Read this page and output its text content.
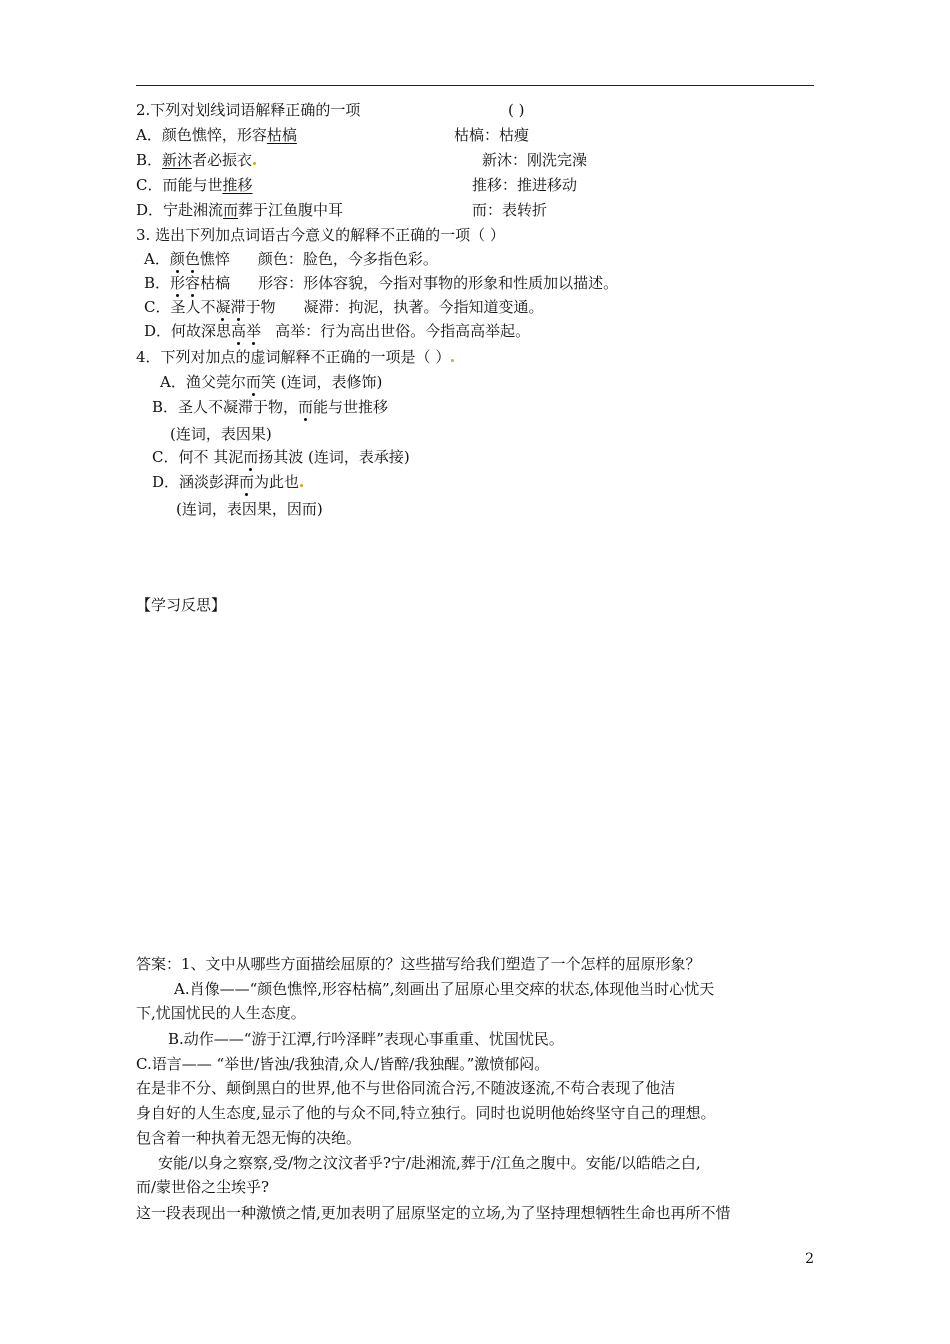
2.下列对划线词语解释正确的一项	( )
A．颜色憔悴，形容枯槁	枯槁：枯瘦
B．新沐者必振衣	新沐：刚洗完澡
C．而能与世推移	推移：推进移动
D．宁赴湘流而葬于江鱼腹中耳	而：表转折
3. 选出下列加点词语古今意义的解释不正确的一项（ ）
A．颜色憔悴 颜色：脸色，今多指色彩。
B．形容枯槁 形容：形体容貌，今指对事物的形象和性质加以描述。
C．圣人不凝滞于物 凝滞：拘泥，执著。今指知道变通。
D．何故深思高举 高举：行为高出世俗。今指高高举起。
4．下列对加点的虚词解释不正确的一项是（ ）
A．渔父莞尔而笑 (连词，表修饰)
B．圣人不凝滞于物，而能与世推移
(连词，表因果)
C．何不 其泥而扬其波 (连词，表承接)
D．涵淡彭湃而为此也
(连词，表因果，因而)
【学习反思】
答案：1、文中从哪些方面描绘屈原的？这些描写给我们塑造了一个怎样的屈原形象？
A.肖像——“颜色憔悴,形容枯槁”,刻画出了屈原心里交瘁的状态,体现他当时心忧天
下,忧国忧民的人生态度。
B.动作——“游于江潭,行吟泽畔”表现心事重重、忧国忧民。
C.语言—— “举世/皆浊/我独清,众人/皆醉/我独醒。”激愤郁闷。
在是非不分、颠倒黑白的世界,他不与世俗同流合污,不随波逐流,不苟合表现了他洁
身自好的人生态度,显示了他的与众不同,特立独行。同时也说明他始终坚守自己的理想。
包含着一种执着无怨无悔的决绝。
安能/以身之察察,受/物之汶汶者乎?宁/赴湘流,葬于/江鱼之腹中。安能/以皓皓之白,
而/蒙世俗之尘埃乎?
这一段表现出一种激愤之情,更加表明了屈原坚定的立场,为了坚持理想牺牲生命也再所不惜
2
